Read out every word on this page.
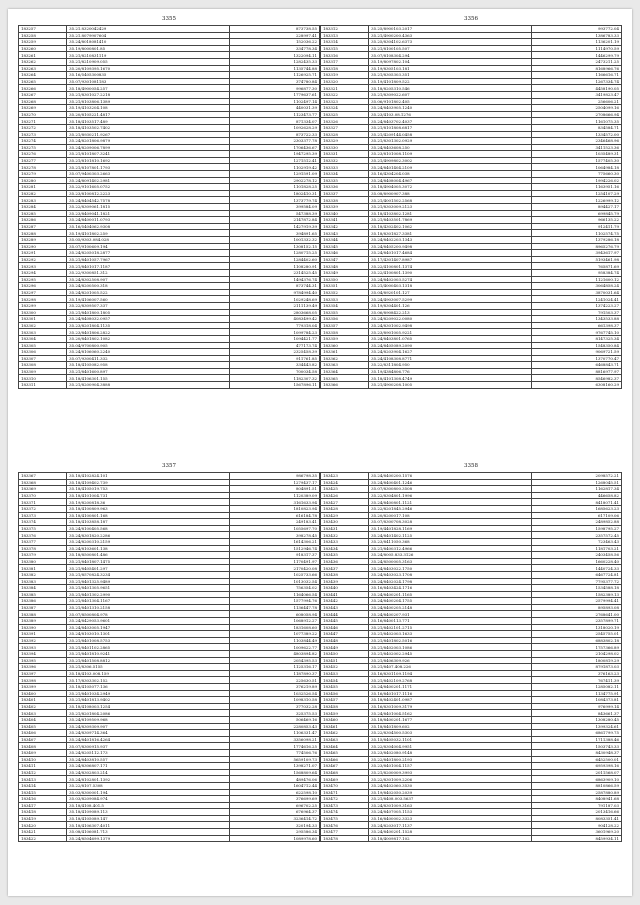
3355
183257	35.21.8320042429	873738.55
183258	35.21.8079907604	228997.41
183259	35.24/8018081410	152036.22
183260	35.19/8000801.85	334778.34
183261	35.21/8210831119	1322094.11
183262	35.21/8210909.055	1282435.33
183263	35.20/8109395.1670	1135744.88
183264	35.16/5405300835	1126925.71
183265	35.07/9301081183	374780.84
183266	35.18/4900054.257	996877.30
183267	35.21/8301027.2218	1779637.61
183268	35.21/8103806.1389	1102497.14
183269	35.19/4103204.108	440031.39
183270	35.20/8105221.4817	1123473.77
183271	35.18/4103517.489	871334.07
183272	35.18/4103502.7402	1092628.29
183273	35.21/8930211.9267	873722.33
183274	35.24/8201806.9879	2303377.78
183275	35.24/8209006.7899	1706436.67
183276	35.21/8101807.3241	1947295.39
183277	35.21/8101810.1692	1271512.41
183278	35.21/8107801.1793	1102919.42
183279	35.07/9400303.2663	1291591.09
183280	35.24/8091402.2981	2902278.12
183281	35.22/9101605.0752	1101828.25
183282	35.23/8100812.2223	1802410.31
183283	35.24/8404542.7578	1373779.74
183284	35.22/8309061.1815	399584.09
183285	35.23/8409041.1821	547388.39
183286	35.24/8400011.0793	2147872.84
183287	35.16/5404062.9308	1427919.39
183288	35.19/4101802.259	394891.65
183289	35.05/9303.084.028	1001332.32
183290	35.07/9100609.194	1308152.15
183291	35.24/8205018.2877	1280715.25
183292	35.21/8401057.7967	1284402.60
183293	35.21/8401017.1187	1108280.91
183294	35.22/9300851.312	2314525.45
183295	35.24/8302508.907	1494376.74
183296	35.24/8200500.318	873744.31
183297	35.24/8201005.522	9784994.40
183298	35.19/4106007.560	1029248.69
183299	35.22/8309507.337	2111139.49
183300	35.21/8401800.1805	2803668.05
183301	35.24/8408032.0957	4083499.42
183302	35.23/8201804.1135	779318.04
183303	35.23/8401806.2822	1099784.23
183304	35.20/8401802.1082	1094421.77
183305	35.04/9700800.905	477173.74
183306	35.24/8106060.2240	2325458.39
183307	35.07/9300411.332	911761.85
183308	35.18/4105082.958	334443.82
183309	35.21/8401600.897	700034.58
183310	35.18/4106301.155	1182307.32
183311	35.21/8200904.3888	1567896.11
3356
183312	35.25/8900103.2017	993772.04
183313	35.21/4900200.4363	1386783.33
183314	35.25/8304102.6373	1136201.19
183315	35.21/8100105.507	1114970.59
183316	35.07/8108304.294	1446299.79
183317	35.19/8097802.104	2473211.25
183318	35.19/8305103.181	8168966.76
183319	35.21/8305303.351	1166616.71
183320	35.19/4101809.522	1267334.74
183321	35.18/8205310.546	4458190.05
183322	35.21/8309022.607	3419823.47
183323	35.06/9101802.405	256606.21
183324	35.24/8403905.1240	2504099.16
183325	35.23/4103.08.1276	2708666.94
183326	35.24/8403702.4037	1161075.35
183327	35.21/8101808.6817	834584.71
183328	35.21/4209144.0458	1334572.00
183329	35.21/8301302.0929	2346468.96
183330	35.24/8403608.250	3411523.36
183331	35.23/8101008.1109	1035489.31
183332	35.21/4909802.3002	1577405.30
183333	35.24/8401404.2109	1064984.18
183334	35.16/4304204.038	775660.30
183335	35.24/8408004.4967	1994226.02
183336	35.18/4904005.3072	1163951.16
183337	35.08/8900907.388	1254107.29
183338	35.21/4001502.2568	1226999.12
183339	35.21/8303009.2123	894427.17
183340	35.18/4103802.1281	699845.79
183341	35.21/8403501.7869	966135.22
183342	35.18/4302402.1062	912411.79
183343	35.18/8301827.3381	1102574.75
183344	35.24/8402203.1343	1379286.18
183345	35.24/8405200.9498	8965276.79
183346	35.24/8401017.4684	3943617.97
183347	35.17/4301407.8987	5193461.98
183348	35.22/4100801.1374	765871.69
183349	35.22/4100801.1390	958384.74
183350	35.24/8402003.5274	1121600.12
183351	35.21/4000403.1318	3064858.24
183352	35.04/8920101.127	3870031.64
183353	35.24/4903007.5299	1241024.41
183354	35.19/8304401.126	1374223.27
183355	35.06/8908422.213	791503.37
183356	35.24/8209022.0080	1343533.88
183357	35.24/8301002.9498	661398.37
183358	35.23/8901005.9221	9767745.10
183359	35.24/8403801.0765	8147325.34
183360	35.24/8405089.2090	1548350.84
183361	35.24/8203904.1627	9069721.59
183362	35.24/4108308.8771	1370770.47
183363	35.22/8311804.950	6468843.71
183364	35.19/4384806.776	8816977.97
183365	35.18/4101308.4749	8546982.37
183366	35.21/4900208.1005	6308160.29
3357
183367	35.18/4102824.101	986798.35
183368	35.18/4109402.739	1279437.17
183369	35.18/4105019.753	804891.51
183370	35.18/4101004.731	1120389.09
183371	35.19/8200818.36	3161633.94
183372	35.18/4100809.963	1810823.94
183373	35.18/4100801.168	616184.78
183374	35.18/4103858.187	249183.41
183375	35.24/8100405.568	1055697.70
183376	35.24/8301820.2286	398278.45
183377	35.24/8200310.2159	1614306.21
183378	35.24/8103601.138	1512946.74
183379	35.18/8500801.486	918317.37
183380	35.21/8401807.1475	1170491.97
183381	35.21/8405401.297	2170420.08
183382	35.21/8570824.3234	1025733.66
183383	35.21/8401325.9489	1013032.54
183384	35.21/8401305.9651	756354.02
183385	35.21/8401302.2990	1164066.54
183386	35.21/8401304.1167	1577994.76
183387	35.21/8401310.2158	1136447.78
183388	35.07/8500804.978	608058.94
183389	35.24/8429053.9601	1068912.27
183390	35.24/8403005.1947	1831608.60
183391	35.24/8103010.1301	1077389.22
183392	35.21/8401008.5753	1103844.49
183393	35.21/8401102.2865	1009622.77
183394	35.21/8401810.9241	4803894.82
183395	35.21/8401508.8812	2054395.53
183396	35.21/8306.5155	1125316.17
183397	35.18/4103.008.159	1187890.37
183398	35.17/8303302.152	225630.51
183399	35.18/4105077.136	376219.89
183400	35.21/8401034.2949	1032526.54
183401	35.21/8401813.9402	1098310.58
183402	35.18/4108003.1254	377032.28
183403	35.21/8201804.2086	325375.53
183404	35.24/8109509.968	506469.16
183405	35.24/8309309.907	2280853.43
183406	35.24/8309714.364	1106331.47
183407	35.24/8401816.4264	3356098.21
183408	35.07/8300915.937	1774616.25
183409	35.24/8205112.173	774506.76
183410	35.24/8403810.557	5659109.73
183411	35.24/8306807.171	1398271.07
183412	35.24/8302803.214	1568809.64
183413	35.24/8102801.1392	489476.06
183414	35.22/8107.5308	1604712.44
183415	35.03/8300001.194	622598.10
183416	35.03/8209084.974	376699.69
183417	35.18/4108.401.5	696702.25
183418	35.18/4109089.113	676964.37
183419	35.18/4105089.147	3236414.72
183420	35.18/4106307.4011	320194.33
183421	35.08/4106081.713	295586.34
183422	35.24/8504699.1379	1089978.60
3358
183423	35.24/8400200.1576	2098572.21
183424	35.24/8400401.1246	1268045.51
183425	35.07/8300800.3508	1162817.34
183426	35.22/8304801.1996	446658.82
183427	35.24/8400801.1121	8418071.41
183428	35.22/8201845.2946	1685623.23
183429	35.20/8200017.108	617109.06
183430	35.07/8300708.3028	2489852.88
183431	35.19/4401828.1169	1598795.27
183432	35.24/8401402.1125	2357572.45
183433	35.23/8411050.368	723463.43
183434	35.21/8400312.4966	1181703.21
183435	35.24/8005.833.3126	2403458.56
183436	35.24/8500005.3163	1660228.40
183437	35.24/8403022.1750	1440724.33
183438	35.24/8403023.1708	6467724.81
183439	35.24/8402024.1798	7795377.72
183440	35.16/8403424.1716	1534588.18
183441	35.24/8400201.1165	1582389.13
183442	35.24/8400204.1755	2579994.41
183443	35.24/8400205.2148	895893.08
183444	35.24/8400207.931	2768641.00
183445	35.16/8400113.771	2357899.71
183446	35.21/8402101.2715	1318020.19
183447	35.21/8402003.1633	2545755.01
183448	35.21/8401802.5016	6883802.18
183449	35.21/8402003.1086	1757366.89
183450	35.21/8402002.2945	2104298.02
183451	35.21/8406309.926	1800819.29
183452	35.21/8407.408.226	8791873.03
183453	35.16/8301109.1194	376163.23
183454	35.21/8402109.2768	767411.39
183455	35.24/8400201.1171	1285082.11
183456	35.16/8401017.1116	1134775.91
183457	35.18/8402401.0987	1084373.81
183458	35.16/8301009.3179	976999.14
183459	35.24/8401004.5162	843661.37
183460	35.18/8400201.1677	1308280.45
183461	35.18/8401809.602	1399324.61
183462	35.22/8304500.5303	6861799.75
183463	35.15/8405032.1101	1711388.46
183464	35.22/8304004.9951	1503743.33
183465	35.23/8402080.9148	8430948.37
183466	35.22/8401800.2193	6452500.01
183467	35.23/8401004.1157	6959398.16
183468	35.21/8200009.3993	2011568.07
183469	35.22/8301009.2206	6863909.10
183470	35.24/8402060.3530	8810866.59
183471	35.19/8402050.2039	2587880.89
183472	35.21/8408.003.5637	8408941.68
183473	35.24/8301009.3163	791187.03
183474	35.24/8407005.1153	2013416.66
183475	35.16/8400002.3323	8083351.41
183476	35.24/8203017.1137	904128.22
183477	35.24/8400201.1528	3601969.20
183478	35.18/4009817.102	8459934.11
